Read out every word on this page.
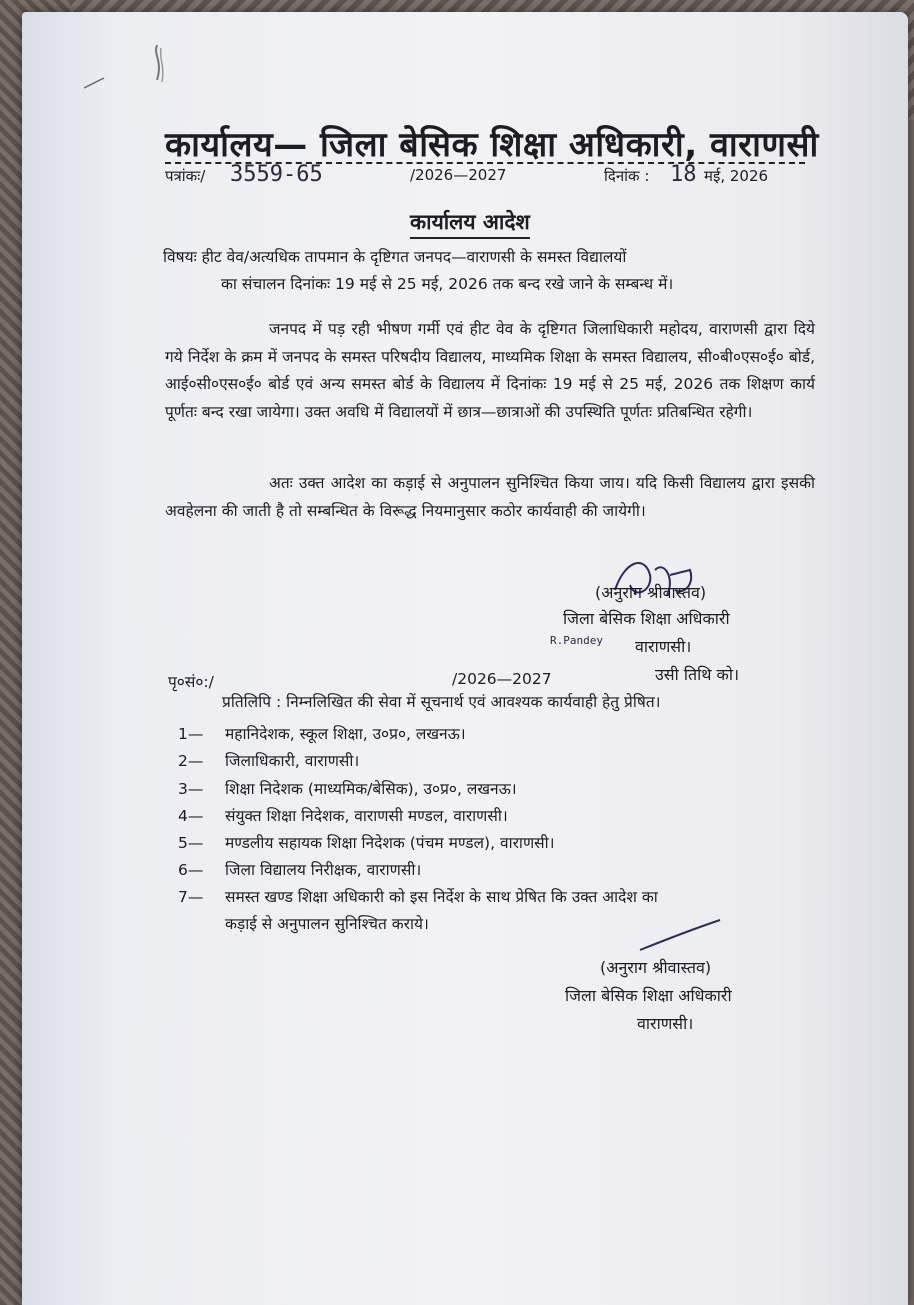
कार्यालय— जिला बेसिक शिक्षा अधिकारी, वाराणसी
पत्रांकः/ 3559-65	/2026—2027	दिनांक : 18 मई, 2026
कार्यालय आदेश
विषयः हीट वेव/अत्यधिक तापमान के दृष्टिगत जनपद—वाराणसी के समस्त विद्यालयों
का संचालन दिनांकः 19 मई से 25 मई, 2026 तक बन्द रखे जाने के सम्बन्ध में।
जनपद में पड़ रही भीषण गर्मी एवं हीट वेव के दृष्टिगत जिलाधिकारी महोदय, वाराणसी द्वारा दिये गये निर्देश के क्रम में जनपद के समस्त परिषदीय विद्यालय, माध्यमिक शिक्षा के समस्त विद्यालय, सी०बी०एस०ई० बोर्ड, आई०सी०एस०ई० बोर्ड एवं अन्य समस्त बोर्ड के विद्यालय में दिनांकः 19 मई से 25 मई, 2026 तक शिक्षण कार्य पूर्णतः बन्द रखा जायेगा। उक्त अवधि में विद्यालयों में छात्र—छात्राओं की उपस्थिति पूर्णतः प्रतिबन्धित रहेगी।
अतः उक्त आदेश का कड़ाई से अनुपालन सुनिश्चित किया जाय। यदि किसी विद्यालय द्वारा इसकी अवहेलना की जाती है तो सम्बन्धित के विरूद्ध नियमानुसार कठोर कार्यवाही की जायेगी।
(अनुराग श्रीवास्तव)
जिला बेसिक शिक्षा अधिकारी
R.Pandey वाराणसी।
पृ०सं०:/	/2026—2027	उसी तिथि को।
प्रतिलिपि : निम्नलिखित की सेवा में सूचनार्थ एवं आवश्यक कार्यवाही हेतु प्रेषित।
1— महानिदेशक, स्कूल शिक्षा, उ०प्र०, लखनऊ।
2— जिलाधिकारी, वाराणसी।
3— शिक्षा निदेशक (माध्यमिक/बेसिक), उ०प्र०, लखनऊ।
4— संयुक्त शिक्षा निदेशक, वाराणसी मण्डल, वाराणसी।
5— मण्डलीय सहायक शिक्षा निदेशक (पंचम मण्डल), वाराणसी।
6— जिला विद्यालय निरीक्षक, वाराणसी।
7— समस्त खण्ड शिक्षा अधिकारी को इस निर्देश के साथ प्रेषित कि उक्त आदेश का
कड़ाई से अनुपालन सुनिश्चित कराये।
(अनुराग श्रीवास्तव)
जिला बेसिक शिक्षा अधिकारी
वाराणसी।
